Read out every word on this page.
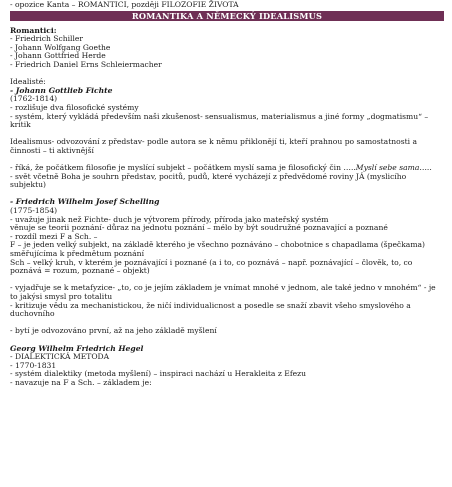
- opozice Kanta – ROMANTICI, později FILOZOFIE ŽIVOTA

ROMANTIKA A NĚMECKÝ IDEALISMUS

Romantici:

- Friedrich Schiller

- Johann Wolfgang Goethe

- Johann Gottfried Herde

- Friedrich Daniel Erns Schleiermacher

Idealisté:

- Johann Gottlieb Fichte

(1762-1814)

- rozlišuje dva filosofické systémy

- systém, který vykládá především naši zkušenost- sensualismus, materialismus a jiné formy „dogmatismu“ – kritik

Idealismus- odvozování z představ- podle autora se k němu přiklonějí ti, kteří prahnou po samostatnosti a činnosti – ti aktivnější

- říká, že počátkem filosofie je myslící subjekt – počátkem myslí sama je filosofický čin …..Myslí sebe sama…..

- svět včetně Boha je souhrn představ, pocitů, pudů, které vycházejí z předvědomé roviny JÁ (myslicího subjektu)

- Friedrich Wilhelm Josef Schelling

(1775-1854)

- uvažuje jinak než Fichte- duch je výtvorem přírody, příroda jako mateřský systém

věnuje se teorii poznání- důraz na jednotu poznání – mélo by být soudružné poznavající a poznané

- rozdíl mezi F a Sch. –

F – je jeden velký subjekt, na základě kterého je všechno poznáváno – chobotnice s chapadlama (špečkama) směřujícíma k předmětum poznání

Sch – velký kruh, v kterém je poznávající i poznané (a i to, co poznává – např. poznávající – člověk, to, co poznává = rozum, poznané – objekt)

- vyjadřuje se k metafyzice- „to, co je jejím základem je vnímat mnohé v jednom, ale také jedno v mnohém“ - je to jakýsi smysl pro totalitu

- kritizuje vědu za mechanistickou, že ničí individualicnost a posedle se snaží zbavit všeho smyslového a duchovního

- bytí je odvozováno první, až na jeho základě myšlení

Georg Wilhelm Friedrich Hegel

- DIALEKTICKÁ METODA

- 1770-1831

- systém dialektiky (metoda myšlení) – inspiraci nachází u Herakleita z Efezu

- navazuje na F a Sch. – základem je:
